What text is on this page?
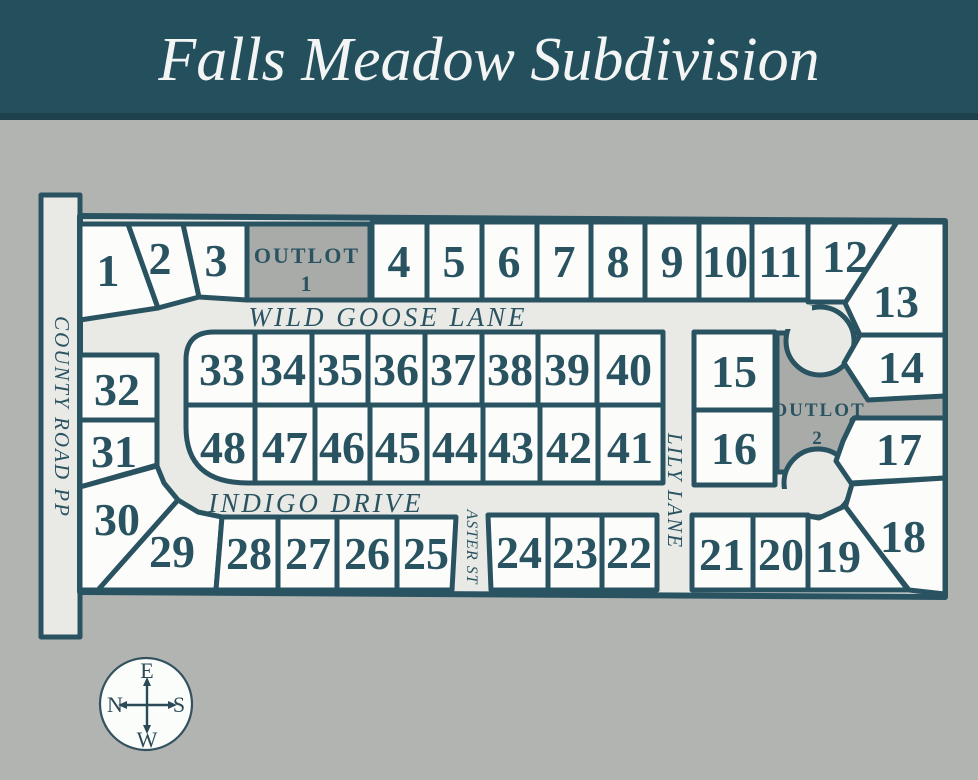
Falls Meadow Subdivision
WILD GOOSE LANE
INDIGO DRIVE	LILY LANE
ASTER ST
COUNTY ROAD PP
OUTLOT
1
OUTLOT
2
1 2 3	4 5 6 7 8 9 10 11 12
13
14
15
16	17
18
19
20
21
22
23
24
25
26
27
28
29
30
31
32 33 34 35 36 37 38 39 40
41
42
43
44
45
46
47
48
E
S
W
N
